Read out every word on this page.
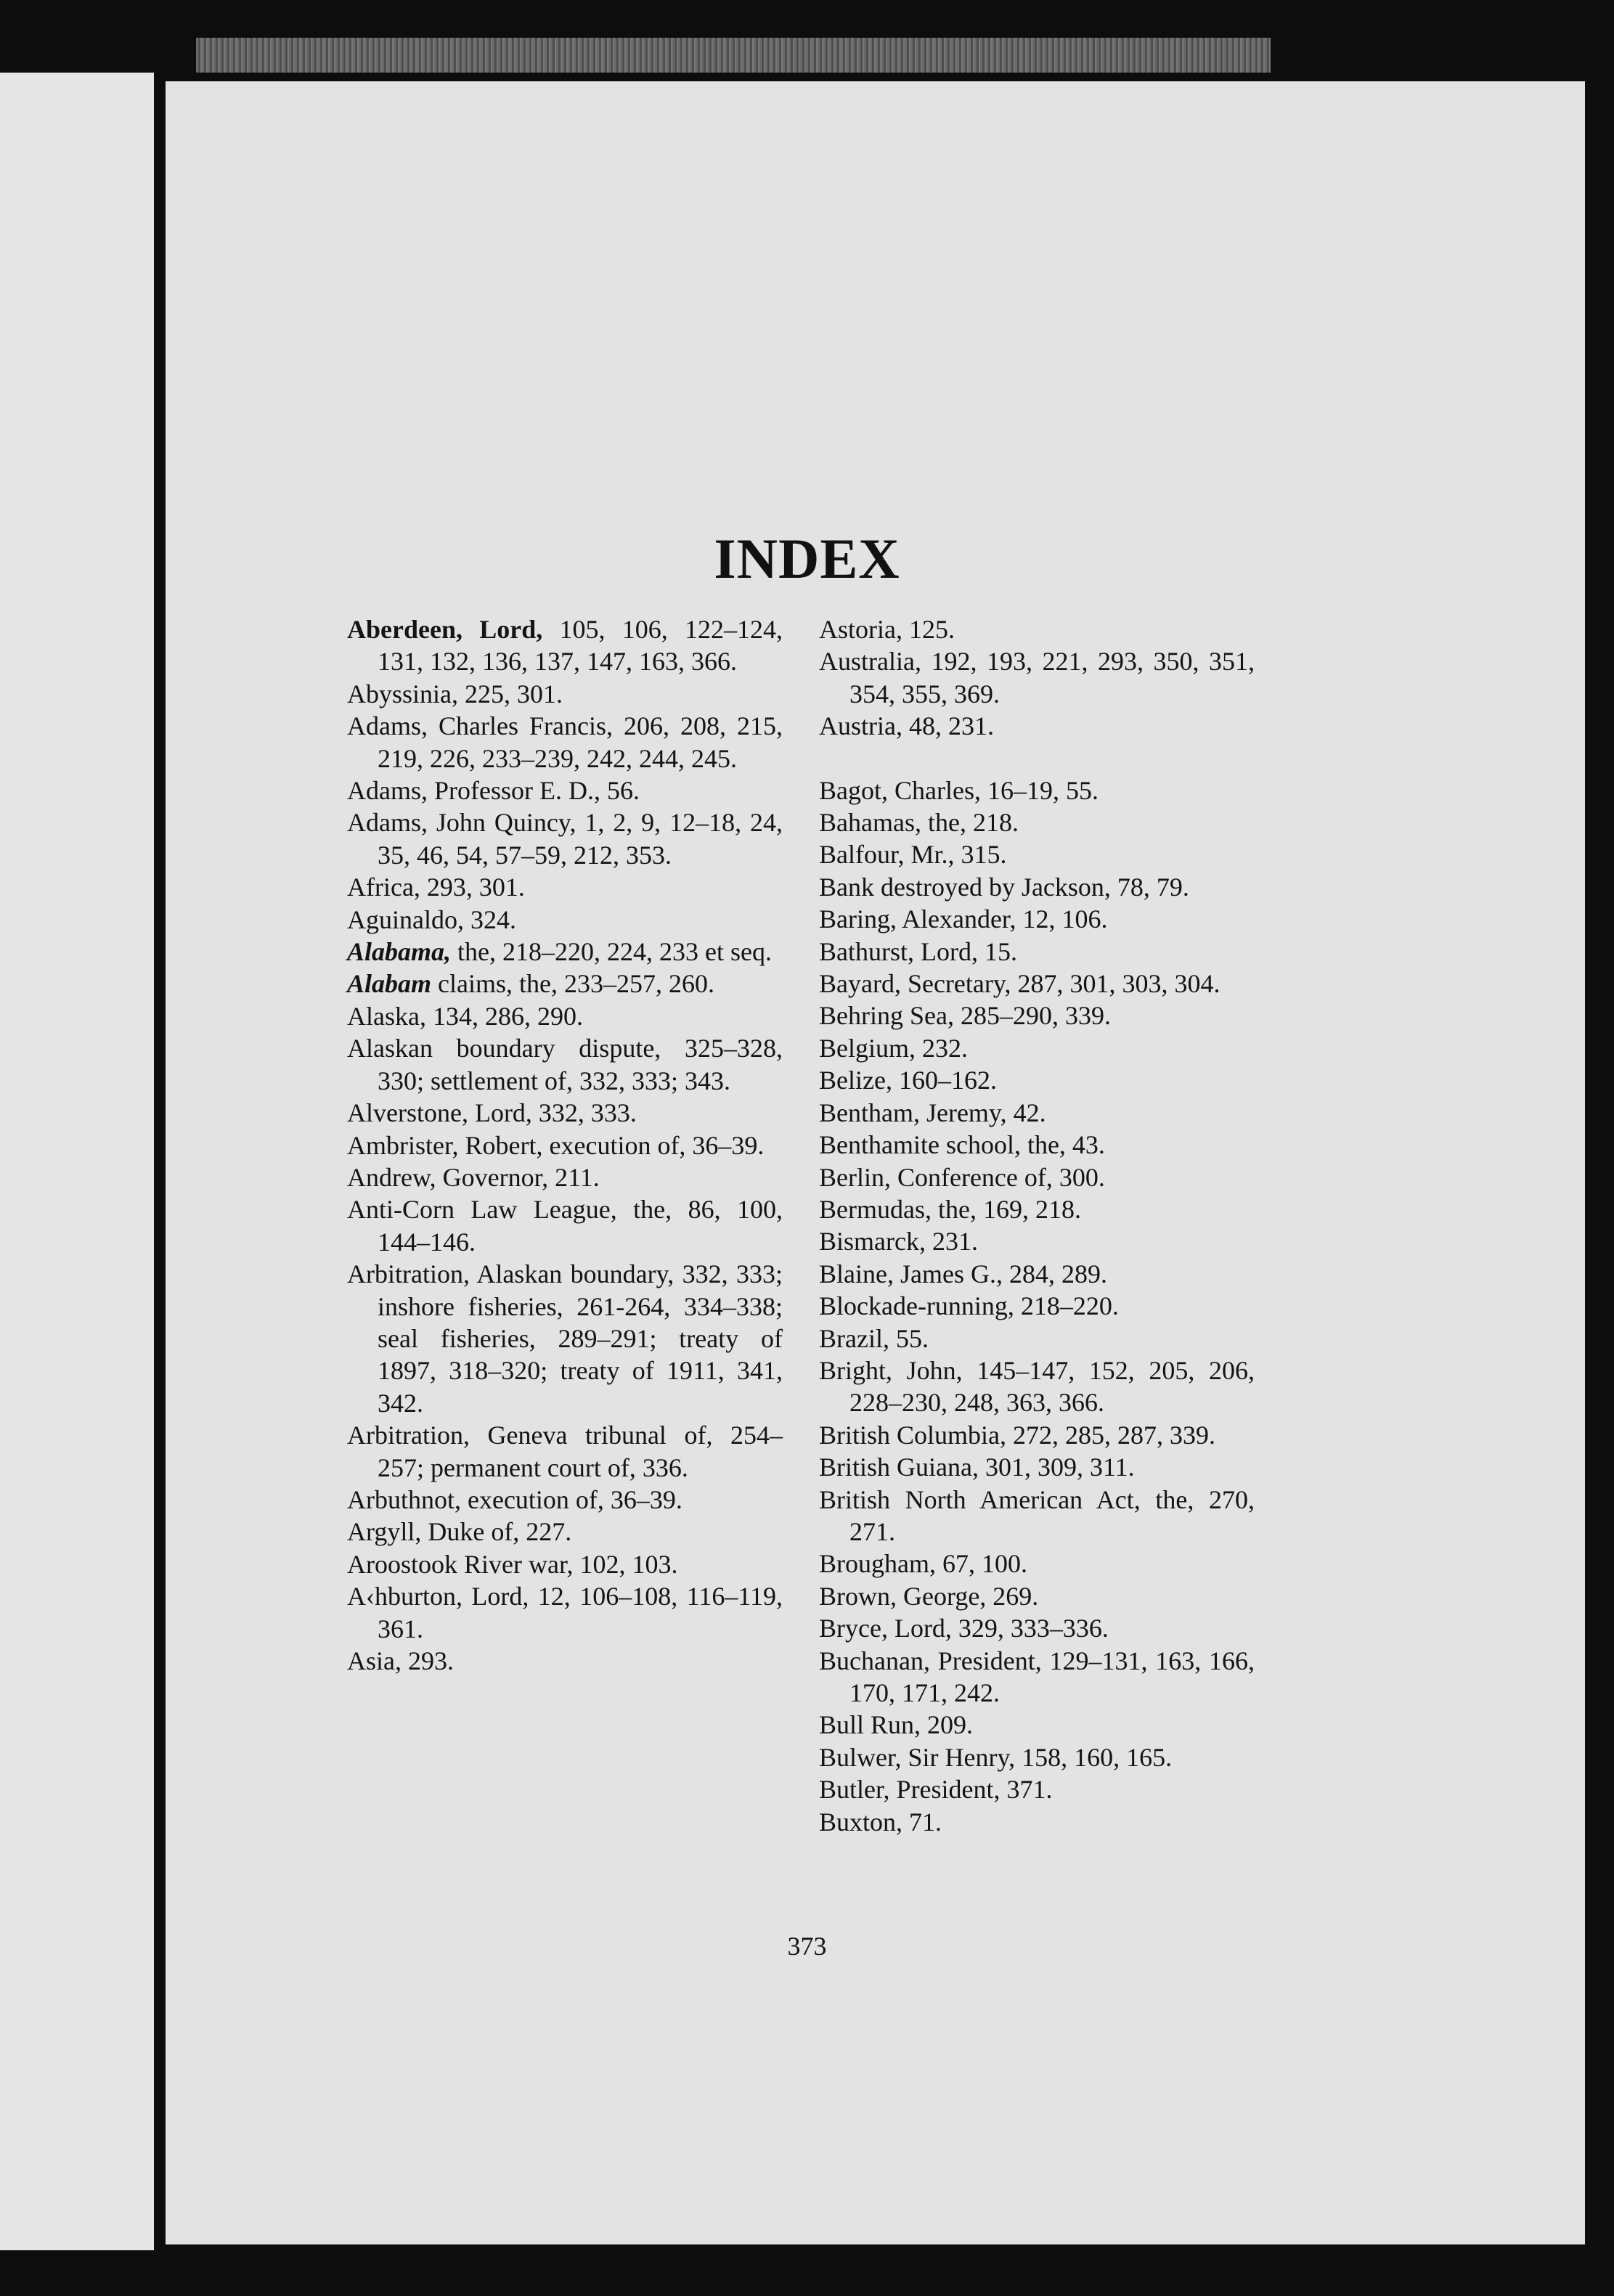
INDEX
Aberdeen, Lord, 105, 106, 122–124, 131, 132, 136, 137, 147, 163, 366.
Abyssinia, 225, 301.
Adams, Charles Francis, 206, 208, 215, 219, 226, 233–239, 242, 244, 245.
Adams, Professor E. D., 56.
Adams, John Quincy, 1, 2, 9, 12–18, 24, 35, 46, 54, 57–59, 212, 353.
Africa, 293, 301.
Aguinaldo, 324.
Alabama, the, 218–220, 224, 233 et seq.
Alabam claims, the, 233–257, 260.
Alaska, 134, 286, 290.
Alaskan boundary dispute, 325–328, 330; settlement of, 332, 333; 343.
Alverstone, Lord, 332, 333.
Ambrister, Robert, execution of, 36–39.
Andrew, Governor, 211.
Anti-Corn Law League, the, 86, 100, 144–146.
Arbitration, Alaskan boundary, 332, 333; inshore fisheries, 261-264, 334–338; seal fisheries, 289–291; treaty of 1897, 318–320; treaty of 1911, 341, 342.
Arbitration, Geneva tribunal of, 254–257; permanent court of, 336.
Arbuthnot, execution of, 36–39.
Argyll, Duke of, 227.
Aroostook River war, 102, 103.
A‹hburton, Lord, 12, 106–108, 116–119, 361.
Asia, 293.
Astoria, 125.
Australia, 192, 193, 221, 293, 350, 351, 354, 355, 369.
Austria, 48, 231.
Bagot, Charles, 16–19, 55.
Bahamas, the, 218.
Balfour, Mr., 315.
Bank destroyed by Jackson, 78, 79.
Baring, Alexander, 12, 106.
Bathurst, Lord, 15.
Bayard, Secretary, 287, 301, 303, 304.
Behring Sea, 285–290, 339.
Belgium, 232.
Belize, 160–162.
Bentham, Jeremy, 42.
Benthamite school, the, 43.
Berlin, Conference of, 300.
Bermudas, the, 169, 218.
Bismarck, 231.
Blaine, James G., 284, 289.
Blockade-running, 218–220.
Brazil, 55.
Bright, John, 145–147, 152, 205, 206, 228–230, 248, 363, 366.
British Columbia, 272, 285, 287, 339.
British Guiana, 301, 309, 311.
British North American Act, the, 270, 271.
Brougham, 67, 100.
Brown, George, 269.
Bryce, Lord, 329, 333–336.
Buchanan, President, 129–131, 163, 166, 170, 171, 242.
Bull Run, 209.
Bulwer, Sir Henry, 158, 160, 165.
Butler, President, 371.
Buxton, 71.
373
